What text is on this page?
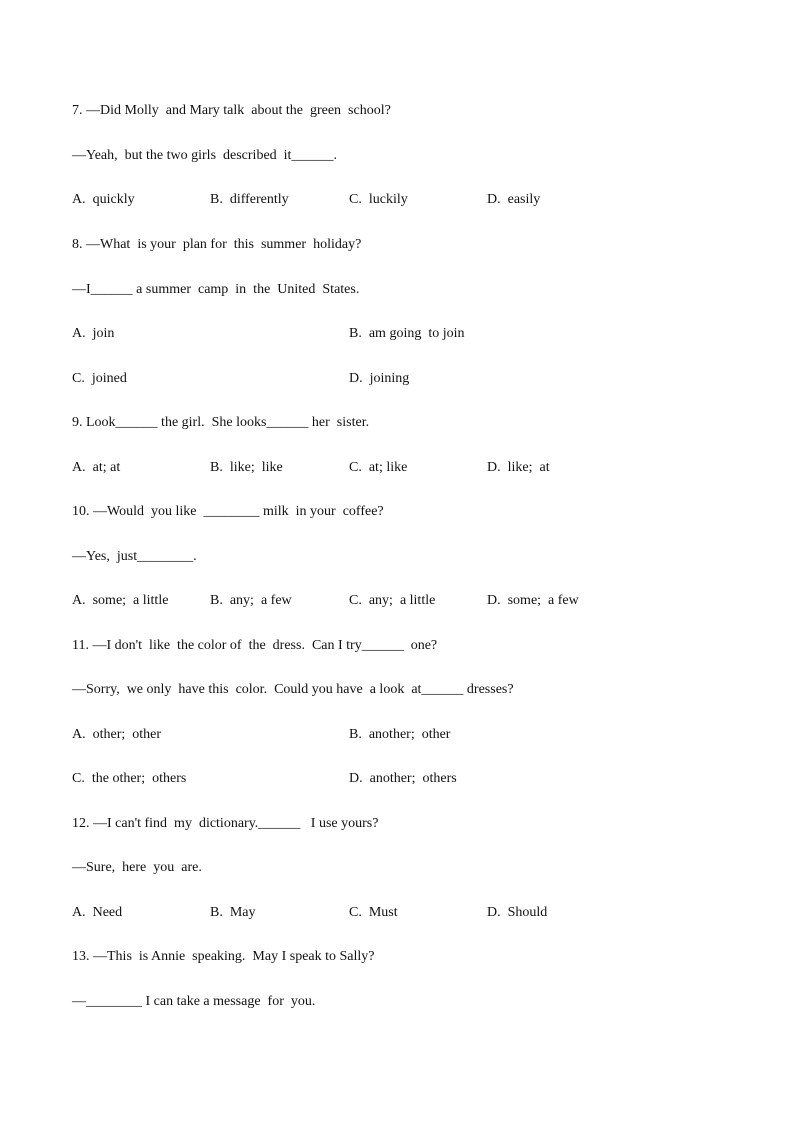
7. —Did Molly  and Mary talk  about the  green  school?
—Yeah,  but the two girls  described  it______.
A.  quickly	B.  differently	C.  luckily	D.  easily
8. —What  is your  plan for  this  summer  holiday?
—I______ a summer  camp  in  the  United  States.
A.  join	B.  am going  to join
C.  joined	D.  joining
9. Look______ the girl.  She looks______ her  sister.
A.  at; at	B.  like;  like	C.  at; like	D.  like;  at
10. —Would  you like  ________ milk  in your  coffee?
—Yes,  just________.
A.  some;  a little	B.  any;  a few	C.  any;  a little	D.  some;  a few
11. —I don't  like  the color of  the  dress.  Can I try______  one?
—Sorry,  we only  have this  color.  Could you have  a look  at______ dresses?
A.  other;  other	B.  another;  other
C.  the other;  others	D.  another;  others
12. —I can't find  my  dictionary.______   I use yours?
—Sure,  here  you  are.
A.  Need	B.  May	C.  Must	D.  Should
13. —This  is Annie  speaking.  May I speak to Sally?
—________ I can take a message  for  you.
